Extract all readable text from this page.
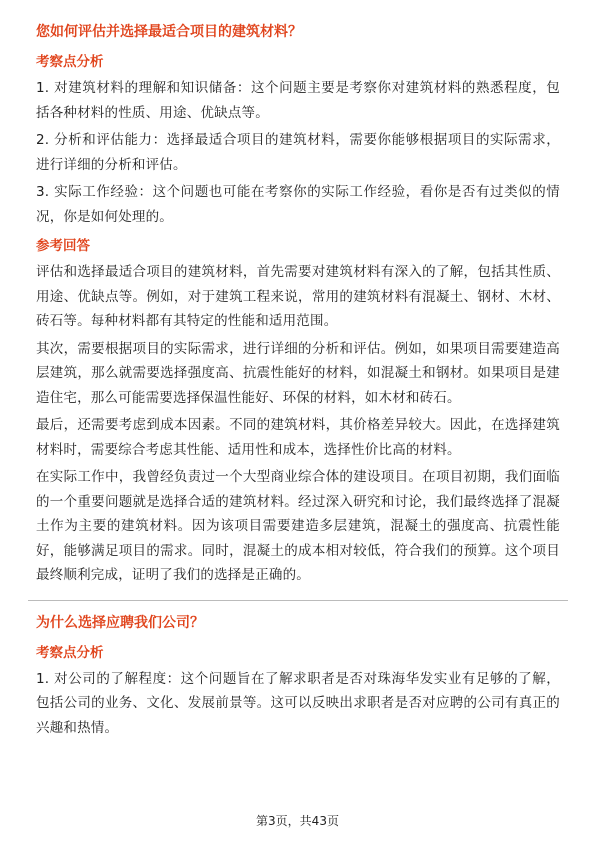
您如何评估并选择最适合项目的建筑材料？
考察点分析

1. 对建筑材料的理解和知识储备：这个问题主要是考察你对建筑材料的熟悉程度，包括各种材料的性质、用途、优缺点等。

2. 分析和评估能力：选择最适合项目的建筑材料，需要你能够根据项目的实际需求，进行详细的分析和评估。

3. 实际工作经验：这个问题也可能在考察你的实际工作经验，看你是否有过类似的情况，你是如何处理的。

参考回答

评估和选择最适合项目的建筑材料，首先需要对建筑材料有深入的了解，包括其性质、用途、优缺点等。例如，对于建筑工程来说，常用的建筑材料有混凝土、钢材、木材、砖石等。每种材料都有其特定的性能和适用范围。

其次，需要根据项目的实际需求，进行详细的分析和评估。例如，如果项目需要建造高层建筑，那么就需要选择强度高、抗震性能好的材料，如混凝土和钢材。如果项目是建造住宅，那么可能需要选择保温性能好、环保的材料，如木材和砖石。

最后，还需要考虑到成本因素。不同的建筑材料，其价格差异较大。因此，在选择建筑材料时，需要综合考虑其性能、适用性和成本，选择性价比高的材料。

在实际工作中，我曾经负责过一个大型商业综合体的建设项目。在项目初期，我们面临的一个重要问题就是选择合适的建筑材料。经过深入研究和讨论，我们最终选择了混凝土作为主要的建筑材料。因为该项目需要建造多层建筑，混凝土的强度高、抗震性能好，能够满足项目的需求。同时，混凝土的成本相对较低，符合我们的预算。这个项目最终顺利完成，证明了我们的选择是正确的。

为什么选择应聘我们公司？
考察点分析

1. 对公司的了解程度：这个问题旨在了解求职者是否对珠海华发实业有足够的了解，包括公司的业务、文化、发展前景等。这可以反映出求职者是否对应聘的公司有真正的兴趣和热情。

第3页，共43页
